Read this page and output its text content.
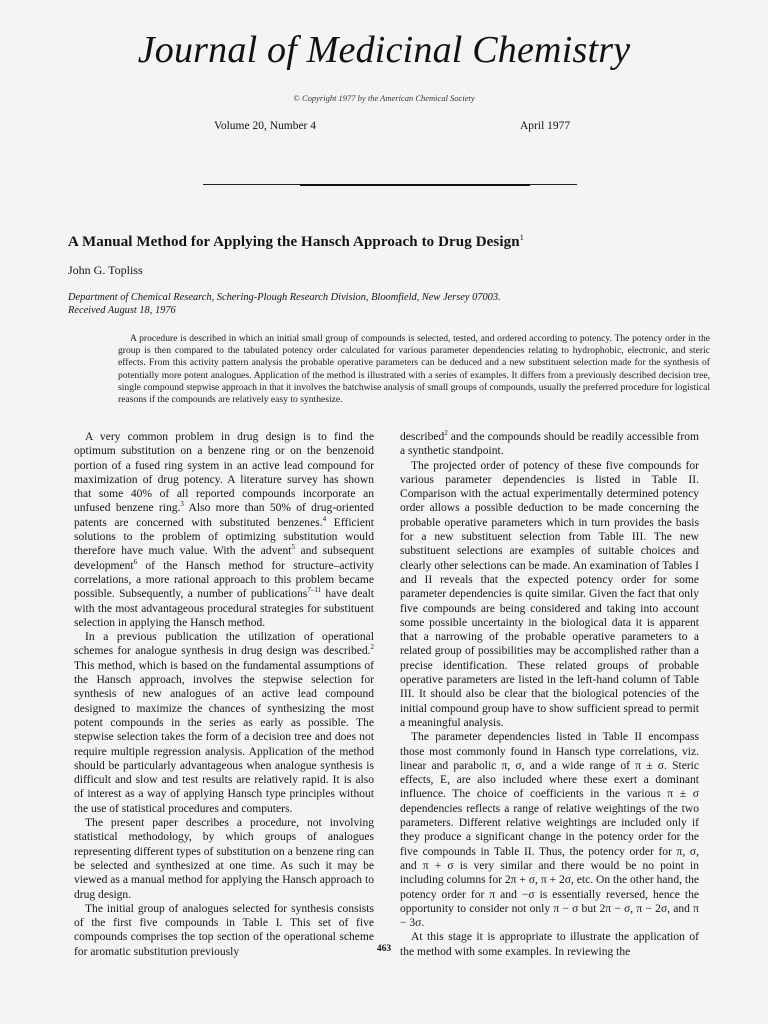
Journal of Medicinal Chemistry
© Copyright 1977 by the American Chemical Society
Volume 20, Number 4	April 1977
A Manual Method for Applying the Hansch Approach to Drug Design$^1$
John G. Topliss
Department of Chemical Research, Schering-Plough Research Division, Bloomfield, New Jersey 07003.
Received August 18, 1976
A procedure is described in which an initial small group of compounds is selected, tested, and ordered according to potency. The potency order in the group is then compared to the tabulated potency order calculated for various parameter dependencies relating to hydrophobic, electronic, and steric effects. From this activity pattern analysis the probable operative parameters can be deduced and a new substituent selection made for the synthesis of potentially more potent analogues. Application of the method is illustrated with a series of examples. It differs from a previously described decision tree, single compound stepwise approach in that it involves the batchwise analysis of small groups of compounds, usually the preferred procedure for logistical reasons if the compounds are relatively easy to synthesize.

A very common problem in drug design is to find the optimum substitution on a benzene ring or on the benzenoid portion of a fused ring system in an active lead compound for maximization of drug potency. A literature survey has shown that some 40% of all reported compounds incorporate an unfused benzene ring.$^3$ Also more than 50% of drug-oriented patents are concerned with substituted benzenes.$^4$ Efficient solutions to the problem of optimizing substitution would therefore have much value. With the advent$^5$ and subsequent development$^6$ of the Hansch method for structure–activity correlations, a more rational approach to this problem became possible. Subsequently, a number of publications$^{7-11}$ have dealt with the most advantageous procedural strategies for substituent selection in applying the Hansch method.

In a previous publication the utilization of operational schemes for analogue synthesis in drug design was described.$^2$ This method, which is based on the fundamental assumptions of the Hansch approach, involves the stepwise selection for synthesis of new analogues of an active lead compound designed to maximize the chances of synthesizing the most potent compounds in the series as early as possible. The stepwise selection takes the form of a decision tree and does not require multiple regression analysis. Application of the method should be particularly advantageous when analogue synthesis is difficult and slow and test results are relatively rapid. It is also of interest as a way of applying Hansch type principles without the use of statistical procedures and computers.

The present paper describes a procedure, not involving statistical methodology, by which groups of analogues representing different types of substitution on a benzene ring can be selected and synthesized at one time. As such it may be viewed as a manual method for applying the Hansch approach to drug design.

The initial group of analogues selected for synthesis consists of the first five compounds in Table I. This set of five compounds comprises the top section of the operational scheme for aromatic substitution previously

described$^2$ and the compounds should be readily accessible from a synthetic standpoint.

The projected order of potency of these five compounds for various parameter dependencies is listed in Table II. Comparison with the actual experimentally determined potency order allows a possible deduction to be made concerning the probable operative parameters which in turn provides the basis for a new substituent selection from Table III. The new substituent selections are examples of suitable choices and clearly other selections can be made. An examination of Tables I and II reveals that the expected potency order for some parameter dependencies is quite similar. Given the fact that only five compounds are being considered and taking into account some possible uncertainty in the biological data it is apparent that a narrowing of the probable operative parameters to a related group of possibilities may be accomplished rather than a precise identification. These related groups of probable operative parameters are listed in the left-hand column of Table III. It should also be clear that the biological potencies of the initial compound group have to show sufficient spread to permit a meaningful analysis.

The parameter dependencies listed in Table II encompass those most commonly found in Hansch type correlations, viz. linear and parabolic π, σ, and a wide range of π ± σ. Steric effects, E, are also included where these exert a dominant influence. The choice of coefficients in the various π ± σ dependencies reflects a range of relative weightings of the two parameters. Different relative weightings are included only if they produce a significant change in the potency order for the five compounds in Table II. Thus, the potency order for π, σ, and π + σ is very similar and there would be no point in including columns for 2π + σ, π + 2σ, etc. On the other hand, the potency order for π and −σ is essentially reversed, hence the opportunity to consider not only π − σ but 2π − σ, π − 2σ, and π − 3σ.

At this stage it is appropriate to illustrate the application of the method with some examples. In reviewing the

463
